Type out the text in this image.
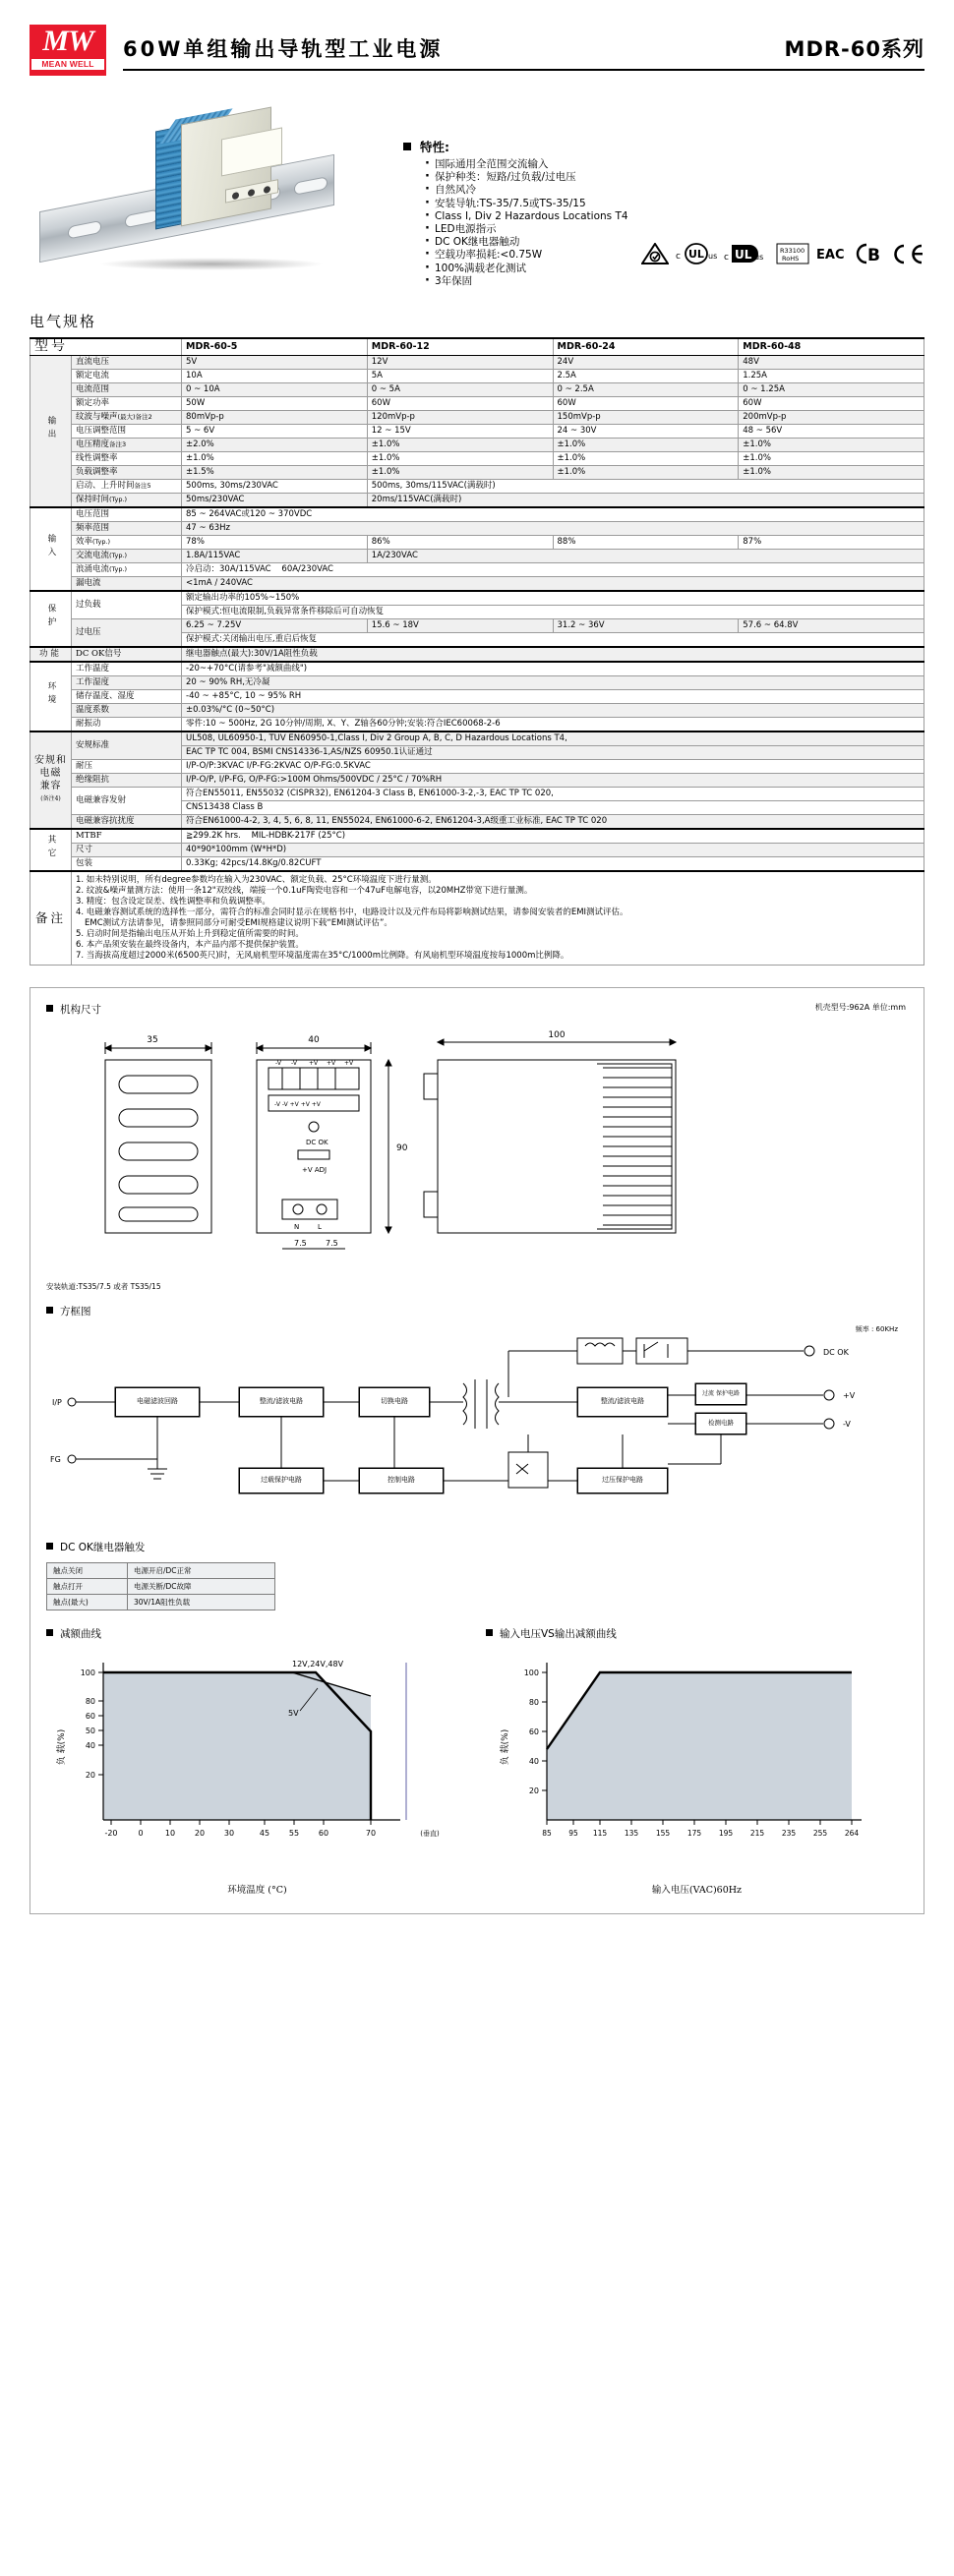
MW
MEAN WELL
60W单组输出导轨型工业电源	MDR-60系列
特性:
· 国际通用全范围交流输入
· 保护种类：短路/过负载/过电压
· 自然风冷
· 安装导轨:TS-35/7.5或TS-35/15
· Class I, Div 2 Hazardous Locations T4
· LED电源指示
· DC OK继电器触动
· 空载功率损耗:<0.75W
· 100%满载老化测试
· 3年保固
电气规格
c UL us c UL us
R33100
RoHS EAC B
型号		MDR-60-5	MDR-60-12	MDR-60-24	MDR-60-48
输出	直流电压	5V	12V	24V	48V
	额定电流	10A	5A	2.5A	1.25A
	电流范围	0 ~ 10A	0 ~ 5A	0 ~ 2.5A	0 ~ 1.25A
	额定功率	50W	60W	60W	60W
	纹波与噪声(最大)备注2	80mVp-p	120mVp-p	150mVp-p	200mVp-p
	电压调整范围	5 ~ 6V	12 ~ 15V	24 ~ 30V	48 ~ 56V
	电压精度备注3	±2.0%	±1.0%	±1.0%	±1.0%
	线性调整率	±1.0%	±1.0%	±1.0%	±1.0%
	负载调整率	±1.5%	±1.0%	±1.0%	±1.0%
	启动、上升时间备注5	500ms, 30ms/230VAC	500ms, 30ms/115VAC(满载时)		
	保持时间(Typ.)	50ms/230VAC	20ms/115VAC(满载时)		
输入	电压范围	85 ~ 264VAC或120 ~ 370VDC			
	频率范围	47 ~ 63Hz			
	效率(Typ.)	78%	86%	88%	87%
	交流电流(Typ.)	1.8A/115VAC	1A/230VAC		
	浪涌电流(Typ.)	冷启动：30A/115VAC 60A/230VAC			
	漏电流	<1mA / 240VAC			
保护	过负载	额定输出功率的105%~150%			
		保护模式:恒电流限制,负载异常条件移除后可自动恢复			
	过电压	6.25 ~ 7.25V	15.6 ~ 18V	31.2 ~ 36V	57.6 ~ 64.8V
		保护模式:关闭输出电压,重启后恢复			
功能	DC OK信号	继电器触点(最大):30V/1A阻性负载			
环境	工作温度	-20~+70°C(请参考"减额曲线")			
	工作湿度	20 ~ 90% RH,无冷凝			
	储存温度、湿度	-40 ~ +85°C, 10 ~ 95% RH			
	温度系数	±0.03%/°C (0~50°C)			
	耐振动	零件:10 ~ 500Hz, 2G 10分钟/周期, X、Y、Z轴各60分钟;安装:符合IEC60068-2-6			

安规和
电磁
兼容
(备注4)	安规标准	UL508, UL60950-1, TUV EN60950-1,Class I, Div 2 Group A, B, C, D Hazardous Locations T4,			
		EAC TP TC 004, BSMI CNS14336-1,AS/NZS 60950.1认证通过			
	耐压	I/P-O/P:3KVAC I/P-FG:2KVAC O/P-FG:0.5KVAC			
	绝缘阻抗	I/P-O/P, I/P-FG, O/P-FG:>100M Ohms/500VDC / 25°C / 70%RH			
	电磁兼容发射	符合EN55011, EN55032 (CISPR32), EN61204-3 Class B, EN61000-3-2,-3, EAC TP TC 020,			
		CNS13438 Class B			
	电磁兼容抗扰度	符合EN61000-4-2, 3, 4, 5, 6, 8, 11, EN55024, EN61000-6-2, EN61204-3,A级重工业标准, EAC TP TC 020			
其它	MTBF	≧299.2K hrs. MIL-HDBK-217F (25°C)			
	尺寸	40*90*100mm (W*H*D)			
	包装	0.33Kg; 42pcs/14.8Kg/0.82CUFT			
备注	
1. 如未特别说明，所有degree参数均在输入为230VAC、额定负载、25°C环境温度下进行量测。
2. 纹波&噪声量测方法：使用一条12"双绞线，端接一个0.1uF陶瓷电容和一个47uF电解电容，以20MHZ带宽下进行量测。
3. 精度：包含设定误差、线性调整率和负载调整率。
4. 电磁兼容测试系统的选择性一部分，需符合的标准会同时显示在规格书中，电路设计以及元件布局将影响测试结果，请参阅安装者的EMI测试评估。
EMC测试方法请参见，请参照同部分可耐受EMI规格建议说明下载“EMI测试评估”。
5. 启动时间是指输出电压从开始上升到稳定值所需要的时间。
6. 本产品须安装在最终设备内，本产品内部不提供保护装置。
7. 当海拔高度超过2000米(6500英尺)时，无风扇机型环境温度需在35°C/1000m比例降。有风扇机型环境温度按每1000m比例降。
机构尺寸	机壳型号:962A 单位:mm
35	40
-V -V +V +V +V
-V -V +V +V +V
DC OK
+V ADJ
N	L
90
7.5 7.5
100
安装轨道:TS35/7.5 或者 TS35/15
方框图
频率 : 60KHz
DC OK
I/P
+V
-V
FG
电磁滤波回路	整流/滤波电路	切换电路	整流/滤波电路
过载保护电路	控制电路	过压保护电路
过流 保护电路
检测电路
DC OK继电器触发
触点关闭	电源开启/DC正常
触点打开	电源关断/DC故障
触点(最大)	30V/1A阻性负载
减额曲线
100
80
60
50
40
20
-20	0	10 20 30	45 55 60	70	(垂直)
12V,24V,48V
5V
负 载(%)
环境温度 (°C)
输入电压VS输出减额曲线
100
80
60
40
20
85 95 115 135 155 175 195 215 235 255 264
负 载(%)
输入电压(VAC)60Hz
